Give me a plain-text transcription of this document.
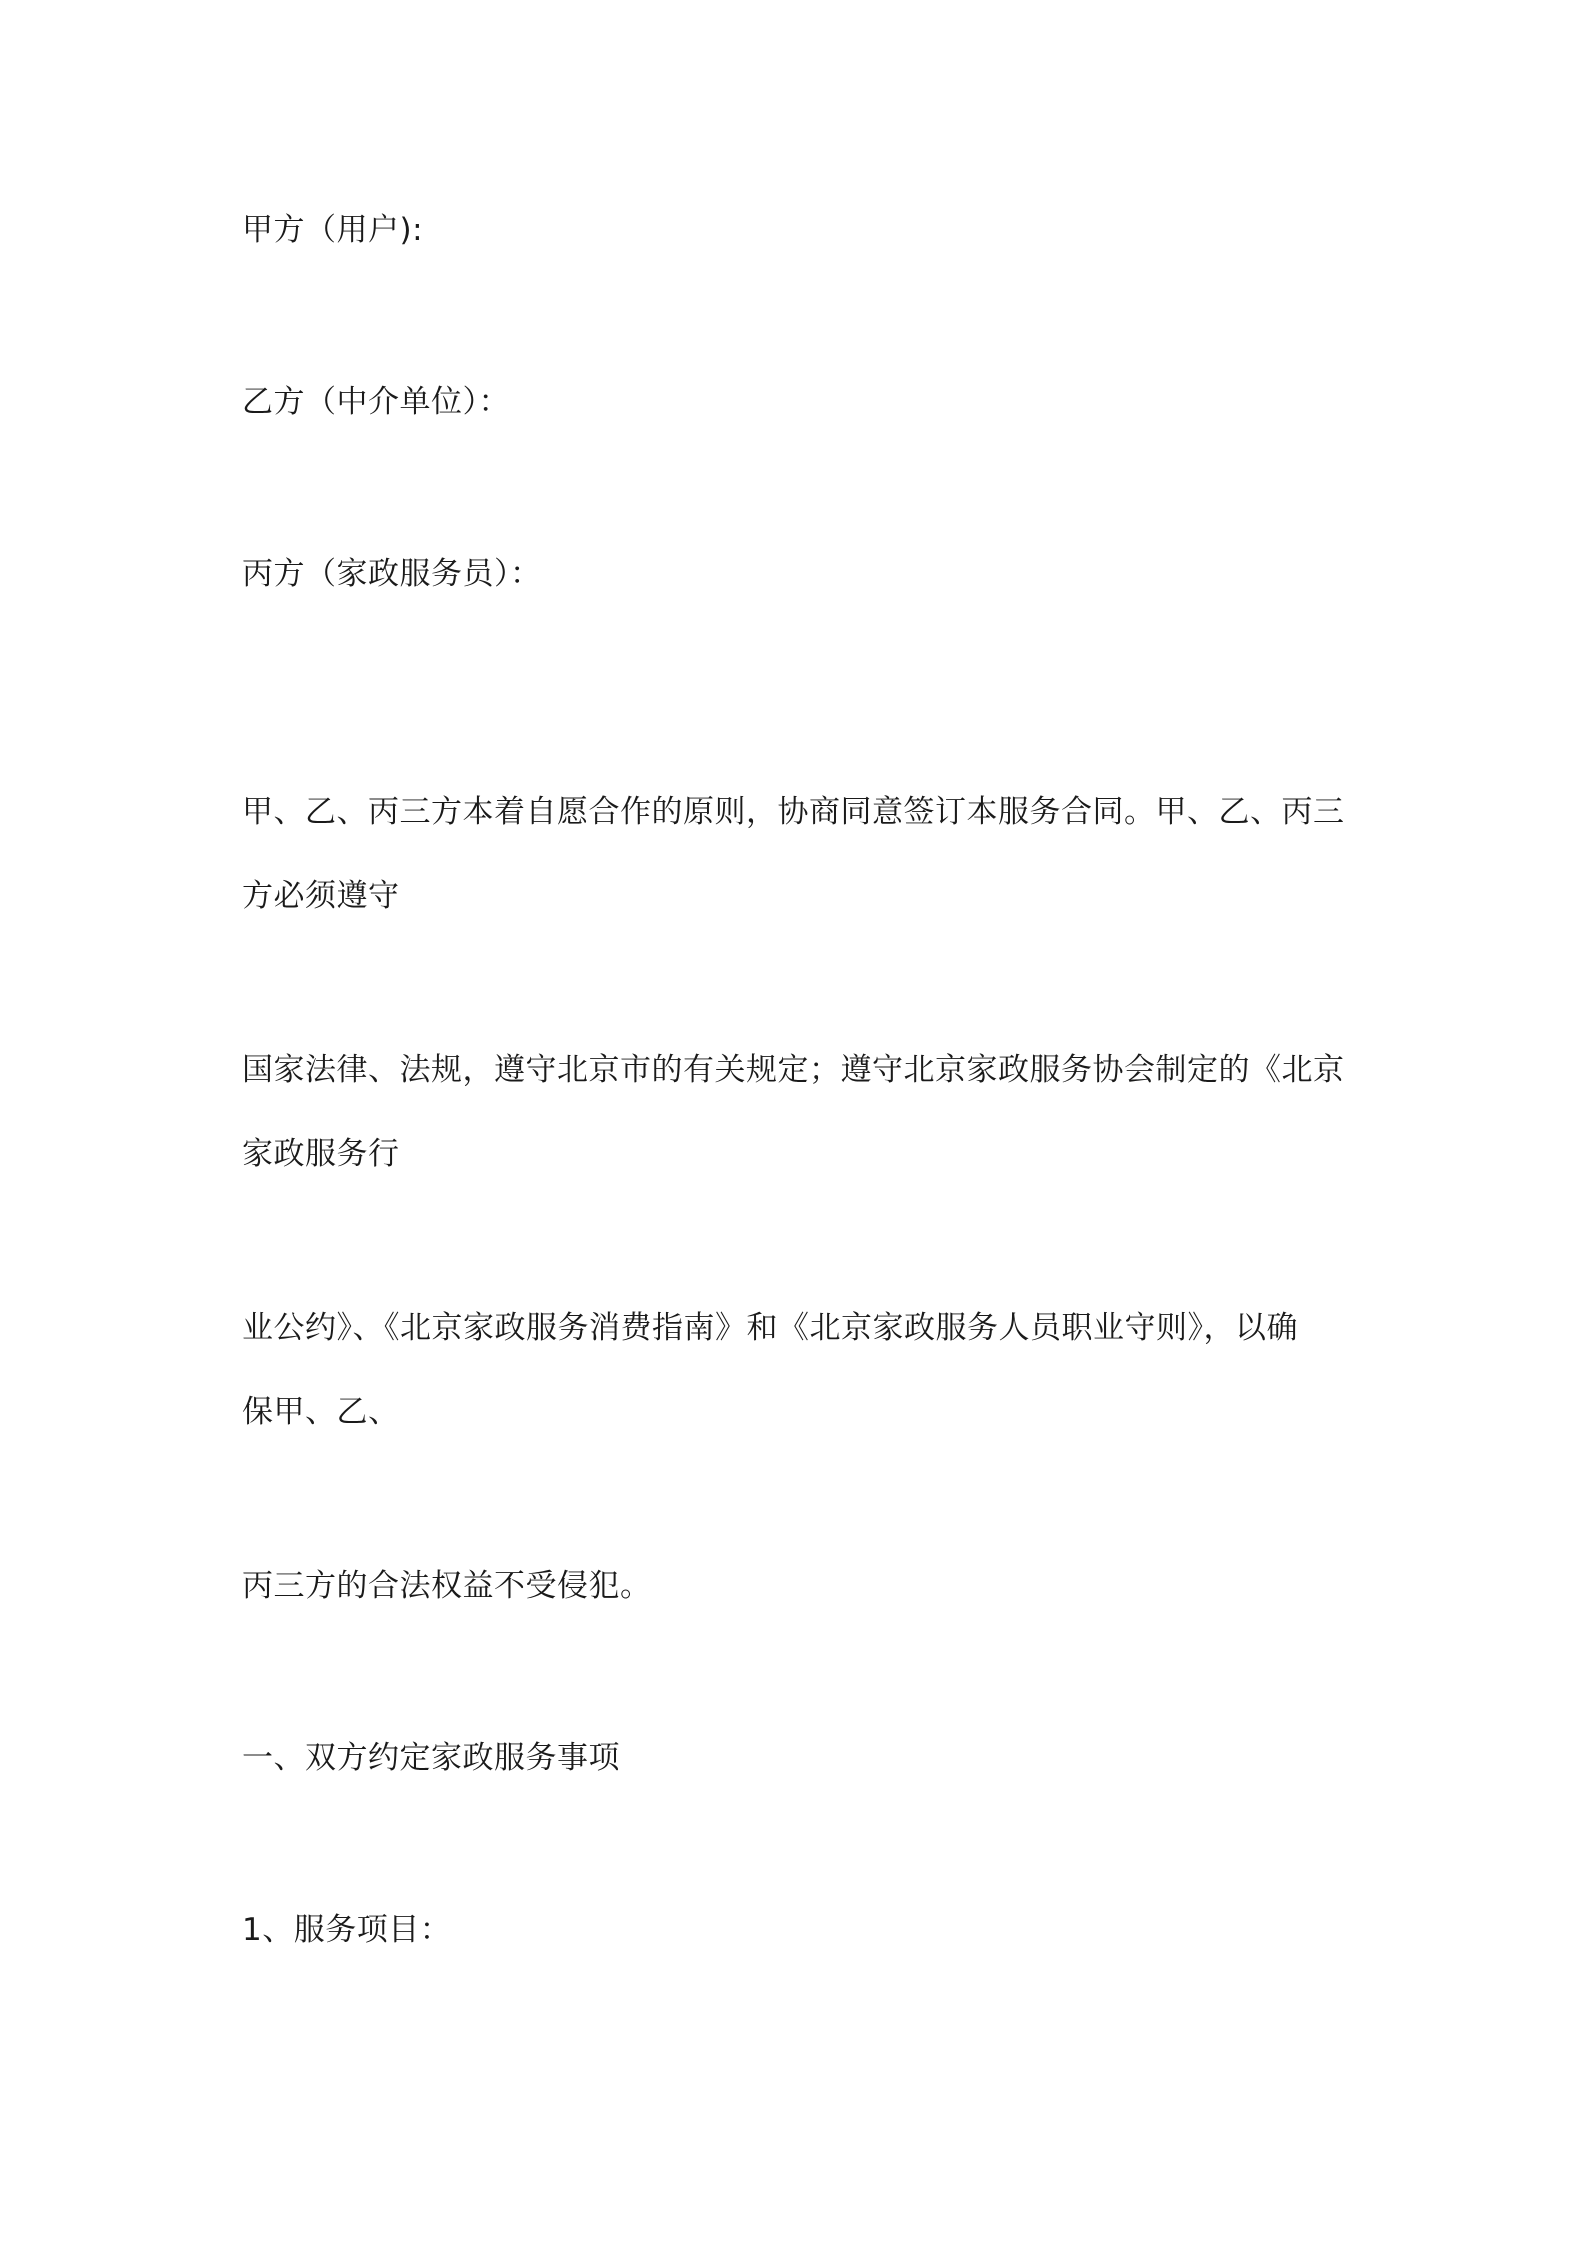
甲方（用户):
乙方（中介单位）：
丙方（家政服务员）：
甲、乙、丙三方本着自愿合作的原则，协商同意签订本服务合同。甲、乙、丙三
方必须遵守
国家法律、法规，遵守北京市的有关规定；遵守北京家政服务协会制定的《北京
家政服务行
业公约》、《北京家政服务消费指南》和《北京家政服务人员职业守则》，以确
保甲、乙、
丙三方的合法权益不受侵犯。
一、双方约定家政服务事项
1、服务项目：
